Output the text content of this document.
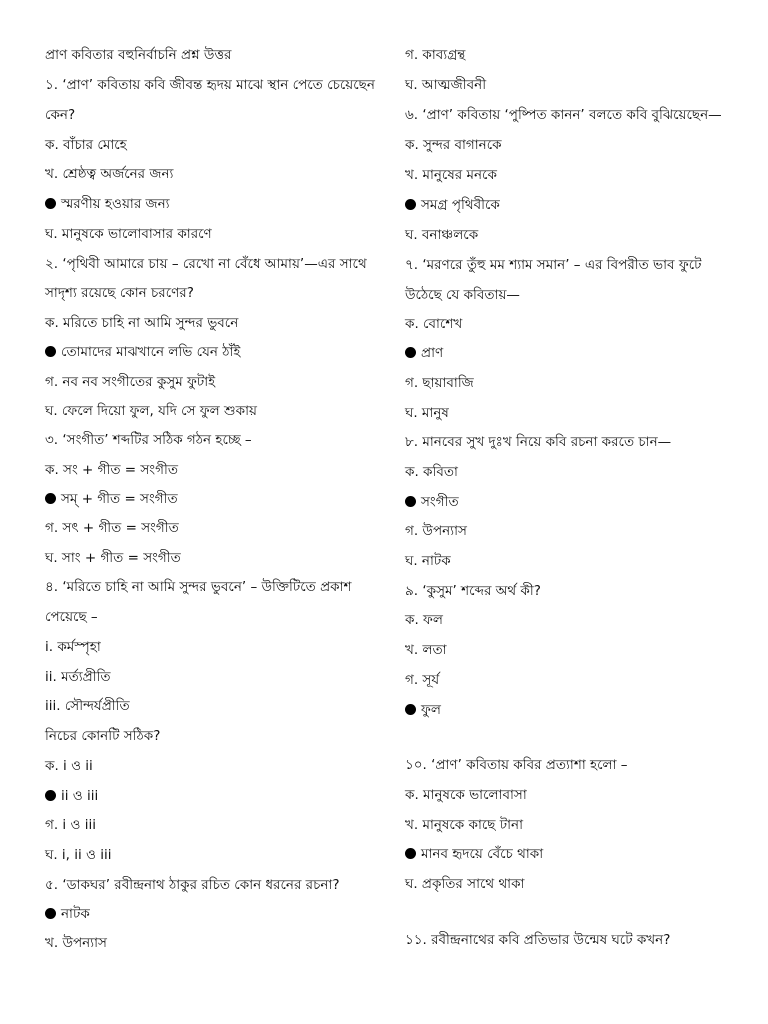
প্রাণ কবিতার বহুনির্বাচনি প্রশ্ন উত্তর
১. ‘প্রাণ’ কবিতায় কবি জীবন্ত হৃদয় মাঝে স্থান পেতে চেয়েছেন
কেন?
ক. বাঁচার মোহে
খ. শ্রেষ্ঠত্ব অর্জনের জন্য
স্মরণীয় হওয়ার জন্য
ঘ. মানুষকে ভালোবাসার কারণে
২. ‘পৃথিবী আমারে চায় – রেখো না বেঁধে আমায়’—এর সাথে
সাদৃশ্য রয়েছে কোন চরণের?
ক. মরিতে চাহি না আমি সুন্দর ভুবনে
তোমাদের মাঝখানে লভি যেন ঠাঁই
গ. নব নব সংগীতের কুসুম ফুটাই
ঘ. ফেলে দিয়ো ফুল, যদি সে ফুল শুকায়
৩. ‘সংগীত’ শব্দটির সঠিক গঠন হচ্ছে –
ক. সং + গীত = সংগীত
সম্ + গীত = সংগীত
গ. সৎ + গীত = সংগীত
ঘ. সাং + গীত = সংগীত
৪. ‘মরিতে চাহি না আমি সুন্দর ভুবনে’ – উক্তিটিতে প্রকাশ
পেয়েছে –
i. কর্মস্পৃহা
ii. মর্ত্যপ্রীতি
iii. সৌন্দর্যপ্রীতি
নিচের কোনটি সঠিক?
ক. i ও ii
ii ও iii
গ. i ও iii
ঘ. i, ii ও iii
৫. ‘ডাকঘর’ রবীন্দ্রনাথ ঠাকুর রচিত কোন ধরনের রচনা?
নাটক
খ. উপন্যাস
গ. কাব্যগ্রন্থ
ঘ. আত্মজীবনী
৬. ‘প্রাণ’ কবিতায় ‘পুষ্পিত কানন’ বলতে কবি বুঝিয়েছেন—
ক. সুন্দর বাগানকে
খ. মানুষের মনকে
সমগ্র পৃথিবীকে
ঘ. বনাঞ্চলকে
৭. ‘মরণরে তুঁহু মম শ্যাম সমান’ – এর বিপরীত ভাব ফুটে
উঠেছে যে কবিতায়—
ক. বোশেখ
প্রাণ
গ. ছায়াবাজি
ঘ. মানুষ
৮. মানবের সুখ দুঃখ নিয়ে কবি রচনা করতে চান—
ক. কবিতা
সংগীত
গ. উপন্যাস
ঘ. নাটক
৯. ‘কুসুম’ শব্দের অর্থ কী?
ক. ফল
খ. লতা
গ. সূর্য
ফুল
১০. ‘প্রাণ’ কবিতায় কবির প্রত্যাশা হলো –
ক. মানুষকে ভালোবাসা
খ. মানুষকে কাছে টানা
মানব হৃদয়ে বেঁচে থাকা
ঘ. প্রকৃতির সাথে থাকা
১১. রবীন্দ্রনাথের কবি প্রতিভার উন্মেষ ঘটে কখন?
